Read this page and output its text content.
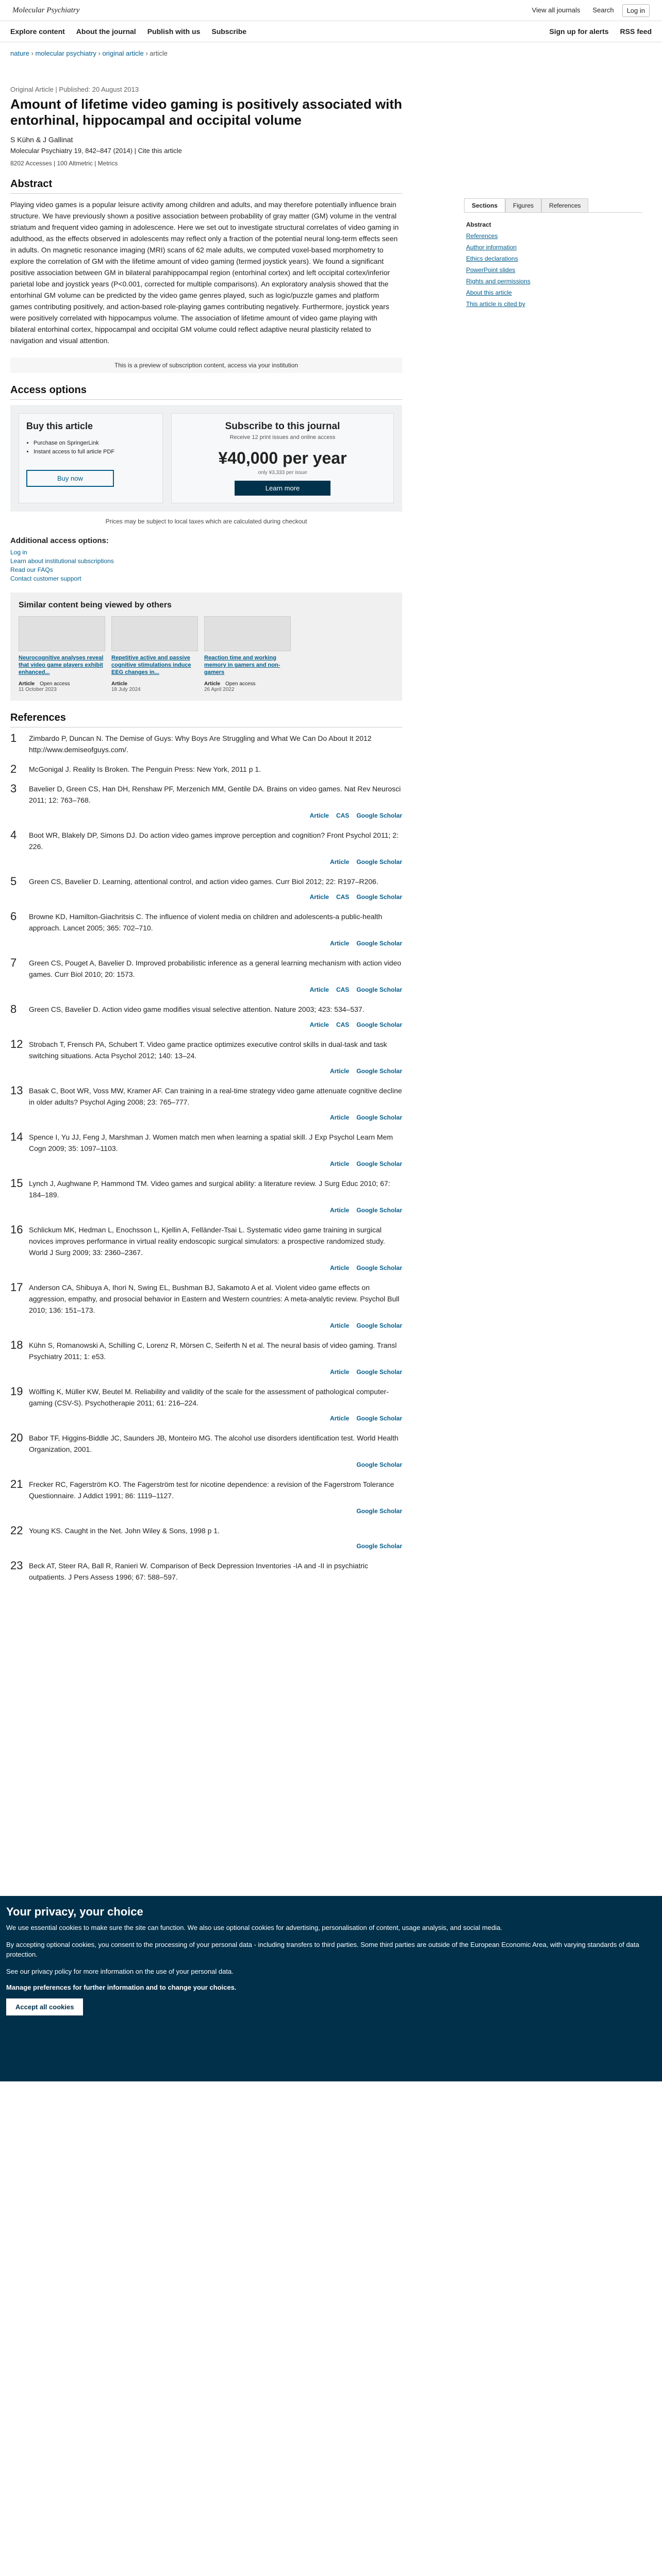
Molecular Psychiatry	View all journals	Search	Log in
Explore content About the journal Publish with us Subscribe	Sign up for alerts RSS feed
nature › molecular psychiatry › original article › article
Original Article | Published: 20 August 2013
Amount of lifetime video gaming is positively associated with entorhinal, hippocampal and occipital volume
S Kühn & J Gallinat
Molecular Psychiatry 19, 842–847 (2014) | Cite this article
8202 Accesses | 100 Altmetric | Metrics
Abstract
Playing video games is a popular leisure activity among children and adults, and may therefore potentially influence brain structure. We have previously shown a positive association between probability of gray matter (GM) volume in the ventral striatum and frequent video gaming in adolescence. Here we set out to investigate structural correlates of video gaming in adulthood, as the effects observed in adolescents may reflect only a fraction of the potential neural long-term effects seen in adults. On magnetic resonance imaging (MRI) scans of 62 male adults, we computed voxel-based morphometry to explore the correlation of GM with the lifetime amount of video gaming (termed joystick years). We found a significant positive association between GM in bilateral parahippocampal region (entorhinal cortex) and left occipital cortex/inferior parietal lobe and joystick years (P<0.001, corrected for multiple comparisons). An exploratory analysis showed that the entorhinal GM volume can be predicted by the video game genres played, such as logic/puzzle games and platform games contributing positively, and action-based role-playing games contributing negatively. Furthermore, joystick years were positively correlated with hippocampus volume. The association of lifetime amount of video game playing with bilateral entorhinal cortex, hippocampal and occipital GM volume could reflect adaptive neural plasticity related to navigation and visual attention.
This is a preview of subscription content, access via your institution
Access options
Buy this article
• Purchase on SpringerLink
• Instant access to full article PDF
Buy now
Subscribe to this journal
Receive 12 print issues and online access
¥40,000 per year
only ¥3,333 per issue
Learn more
Prices may be subject to local taxes which are calculated during checkout
Additional access options:
Log in
Learn about institutional subscriptions
Read our FAQs
Contact customer support
Similar content being viewed by others
Neurocognitive analyses reveal that video game players exhibit enhanced...
Article Open access
11 October 2023
Repetitive active and passive cognitive stimulations induce EEG changes in...
Article
18 July 2024
Reaction time and working memory in gamers and non-gamers
Article Open access
26 April 2022
References
1	Zimbardo P, Duncan N. The Demise of Guys: Why Boys Are Struggling and What We Can Do About It 2012 http://www.demiseofguys.com/.
2	McGonigal J. Reality Is Broken. The Penguin Press: New York, 2011 p 1.
3	Bavelier D, Green CS, Han DH, Renshaw PF, Merzenich MM, Gentile DA. Brains on video games. Nat Rev Neurosci 2011; 12: 763–768.
Article CAS Google Scholar
4	Boot WR, Blakely DP, Simons DJ. Do action video games improve perception and cognition? Front Psychol 2011; 2: 226.
Article Google Scholar
5	Green CS, Bavelier D. Learning, attentional control, and action video games. Curr Biol 2012; 22: R197–R206.
Article CAS Google Scholar
6	Browne KD, Hamilton-Giachritsis C. The influence of violent media on children and adolescents-a public-health approach. Lancet 2005; 365: 702–710.
Article Google Scholar
7	Green CS, Pouget A, Bavelier D. Improved probabilistic inference as a general learning mechanism with action video games. Curr Biol 2010; 20: 1573.
Article CAS Google Scholar
8	Green CS, Bavelier D. Action video game modifies visual selective attention. Nature 2003; 423: 534–537.
Article CAS Google Scholar
12 Strobach T, Frensch PA, Schubert T. Video game practice optimizes executive control skills in dual-task and task switching situations. Acta Psychol 2012; 140: 13–24.
Article Google Scholar
13 Basak C, Boot WR, Voss MW, Kramer AF. Can training in a real-time strategy video game attenuate cognitive decline in older adults? Psychol Aging 2008; 23: 765–777.
Article Google Scholar
14 Spence I, Yu JJ, Feng J, Marshman J. Women match men when learning a spatial skill. J Exp Psychol Learn Mem Cogn 2009; 35: 1097–1103.
Article Google Scholar
15 Lynch J, Aughwane P, Hammond TM. Video games and surgical ability: a literature review. J Surg Educ 2010; 67: 184–189.
Article Google Scholar
16 Schlickum MK, Hedman L, Enochsson L, Kjellin A, Felländer-Tsai L. Systematic video game training in surgical novices improves performance in virtual reality endoscopic surgical simulators: a prospective randomized study. World J Surg 2009; 33: 2360–2367.
Article Google Scholar
17 Anderson CA, Shibuya A, Ihori N, Swing EL, Bushman BJ, Sakamoto A et al. Violent video game effects on aggression, empathy, and prosocial behavior in Eastern and Western countries: A meta-analytic review. Psychol Bull 2010; 136: 151–173.
Article Google Scholar
18 Kühn S, Romanowski A, Schilling C, Lorenz R, Mörsen C, Seiferth N et al. The neural basis of video gaming. Transl Psychiatry 2011; 1: e53.
Article Google Scholar
19 Wölfling K, Müller KW, Beutel M. Reliability and validity of the scale for the assessment of pathological computer-gaming (CSV-S). Psychotherapie 2011; 61: 216–224.
Article Google Scholar
20 Babor TF, Higgins-Biddle JC, Saunders JB, Monteiro MG. The alcohol use disorders identification test. World Health Organization, 2001.
Google Scholar
21 Frecker RC, Fagerström KO. The Fagerström test for nicotine dependence: a revision of the Fagerstrom Tolerance Questionnaire. J Addict 1991; 86: 1119–1127.
Google Scholar
22 Young KS. Caught in the Net. John Wiley & Sons, 1998 p 1.
Google Scholar
23 Beck AT, Steer RA, Ball R, Ranieri W. Comparison of Beck Depression Inventories -IA and -II in psychiatric outpatients. J Pers Assess 1996; 67: 588–597.
Sections	Figures	References
Abstract
References
Author information
Ethics declarations
PowerPoint slides
Rights and permissions
About this article
This article is cited by
Your privacy, your choice

We use essential cookies to make sure the site can function. We also use optional cookies for advertising, personalisation of content, usage analysis, and social media.

By accepting optional cookies, you consent to the processing of your personal data - including transfers to third parties. Some third parties are outside of the European Economic Area, with varying standards of data protection.

See our privacy policy for more information on the use of your personal data.

Manage preferences for further information and to change your choices.
Accept all cookies
